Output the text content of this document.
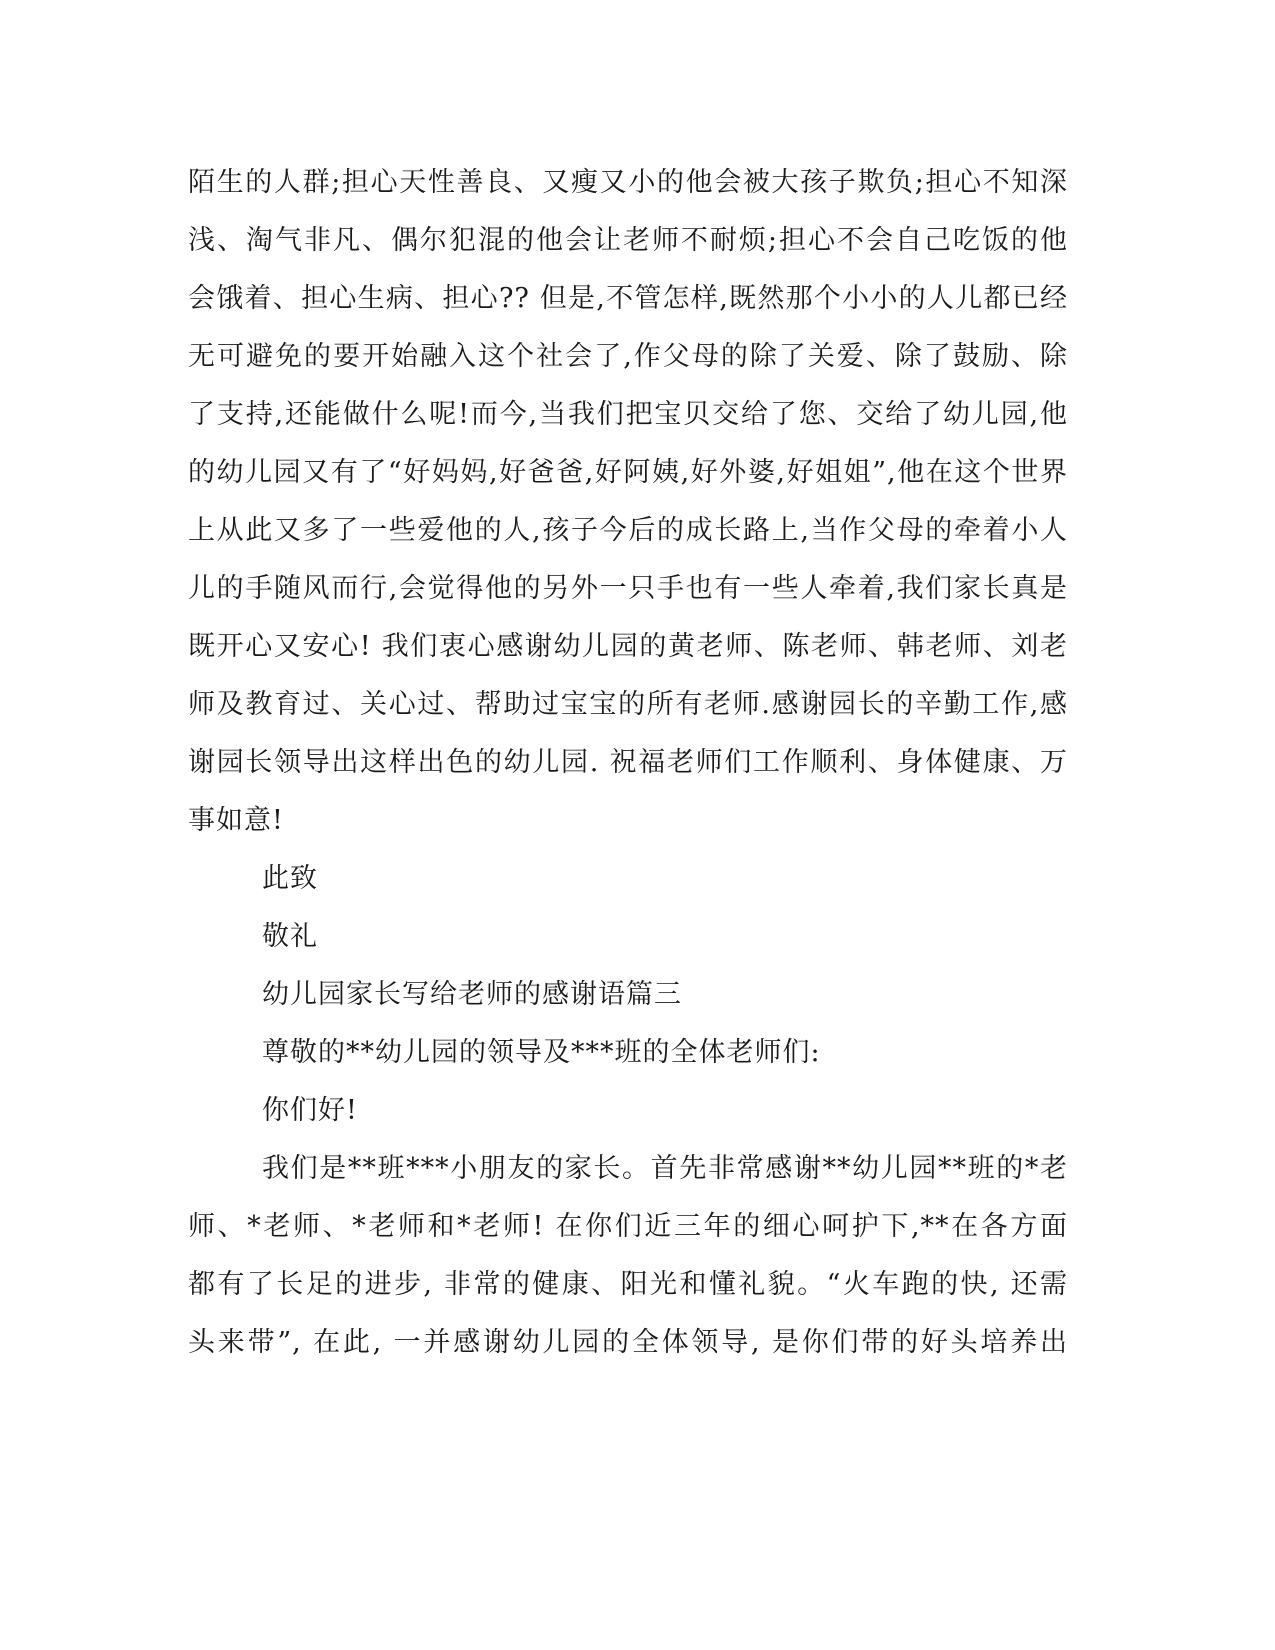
陌生的人群;担心天性善良、又瘦又小的他会被大孩子欺负;担心不知深
浅、淘气非凡、偶尔犯混的他会让老师不耐烦;担心不会自己吃饭的他
会饿着、担心生病、担心?? 但是,不管怎样,既然那个小小的人儿都已经
无可避免的要开始融入这个社会了,作父母的除了关爱、除了鼓励、除
了支持,还能做什么呢!而今,当我们把宝贝交给了您、交给了幼儿园,他
的幼儿园又有了“好妈妈,好爸爸,好阿姨,好外婆,好姐姐”,他在这个世界
上从此又多了一些爱他的人,孩子今后的成长路上,当作父母的牵着小人
儿的手随风而行,会觉得他的另外一只手也有一些人牵着,我们家长真是
既开心又安心! 我们衷心感谢幼儿园的黄老师、陈老师、韩老师、刘老
师及教育过、关心过、帮助过宝宝的所有老师.感谢园长的辛勤工作,感
谢园长领导出这样出色的幼儿园. 祝福老师们工作顺利、身体健康、万
事如意!
此致
敬礼
幼儿园家长写给老师的感谢语篇三
尊敬的**幼儿园的领导及***班的全体老师们:
你们好!
我们是**班***小朋友的家长。首先非常感谢**幼儿园**班的*老
师、*老师、*老师和*老师! 在你们近三年的细心呵护下,**在各方面
都有了长足的进步, 非常的健康、阳光和懂礼貌。“火车跑的快, 还需
头来带”, 在此, 一并感谢幼儿园的全体领导, 是你们带的好头培养出
